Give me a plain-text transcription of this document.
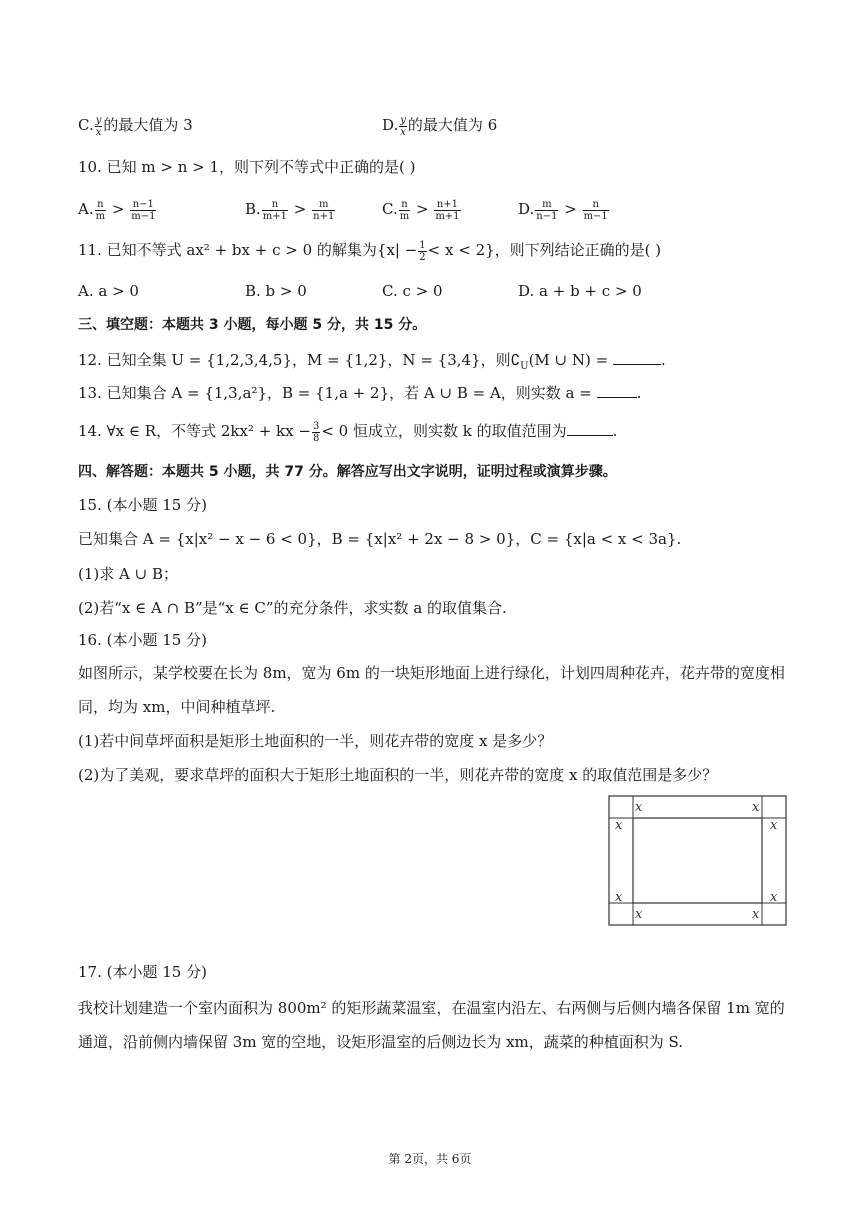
C. $\frac{y}{x}$ 的最大值为 3	D. $\frac{y}{x}$ 的最大值为 6
10. 已知 m > n > 1，则下列不等式中正确的是( )
A. $\frac{n}{m} > \frac{n-1}{m-1}$	B. $\frac{n}{m+1} > \frac{m}{n+1}$	C. $\frac{n}{m} > \frac{n+1}{m+1}$	D. $\frac{m}{n-1} > \frac{n}{m-1}$
11. 已知不等式 ax² + bx + c > 0 的解集为$\{x| - \frac{1}{2} < x < 2\}$，则下列结论正确的是( )
A. a > 0	B. b > 0	C. c > 0	D. a + b + c > 0
三、填空题：本题共 3 小题，每小题 5 分，共 15 分。
12. 已知全集 U = {1,2,3,4,5}，M = {1,2}，N = {3,4}，则$∁_U(M$ ∪ N) =	.
13. 已知集合 A = {1,3,a²}，B = {1,a + 2}，若 A ∪ B = A，则实数 a =	.
14. ∀x ∈ R，不等式 2kx² + kx − $\frac{3}{8} < 0$ 恒成立，则实数 k 的取值范围为	.
四、解答题：本题共 5 小题，共 77 分。解答应写出文字说明，证明过程或演算步骤。
15. (本小题 15 分)
已知集合 A = {x|x² − x − 6 < 0}，B = {x|x² + 2x − 8 > 0}，C = {x|a < x < 3a}.
(1)求 A ∪ B；
(2)若“x ∈ A ∩ B”是“x ∈ C”的充分条件，求实数 a 的取值集合.
16. (本小题 15 分)
如图所示，某学校要在长为 8m，宽为 6m 的一块矩形地面上进行绿化，计划四周种花卉，花卉带的宽度相
同，均为 xm，中间种植草坪.
(1)若中间草坪面积是矩形土地面积的一半，则花卉带的宽度 x 是多少？
(2)为了美观，要求草坪的面积大于矩形土地面积的一半，则花卉带的宽度 x 的取值范围是多少？
x	x
x	x
x	x
x	x
17. (本小题 15 分)
我校计划建造一个室内面积为 800m² 的矩形蔬菜温室，在温室内沿左、右两侧与后侧内墙各保留 1m 宽的
通道，沿前侧内墙保留 3m 宽的空地，设矩形温室的后侧边长为 xm，蔬菜的种植面积为 S.
第 2页，共 6页
